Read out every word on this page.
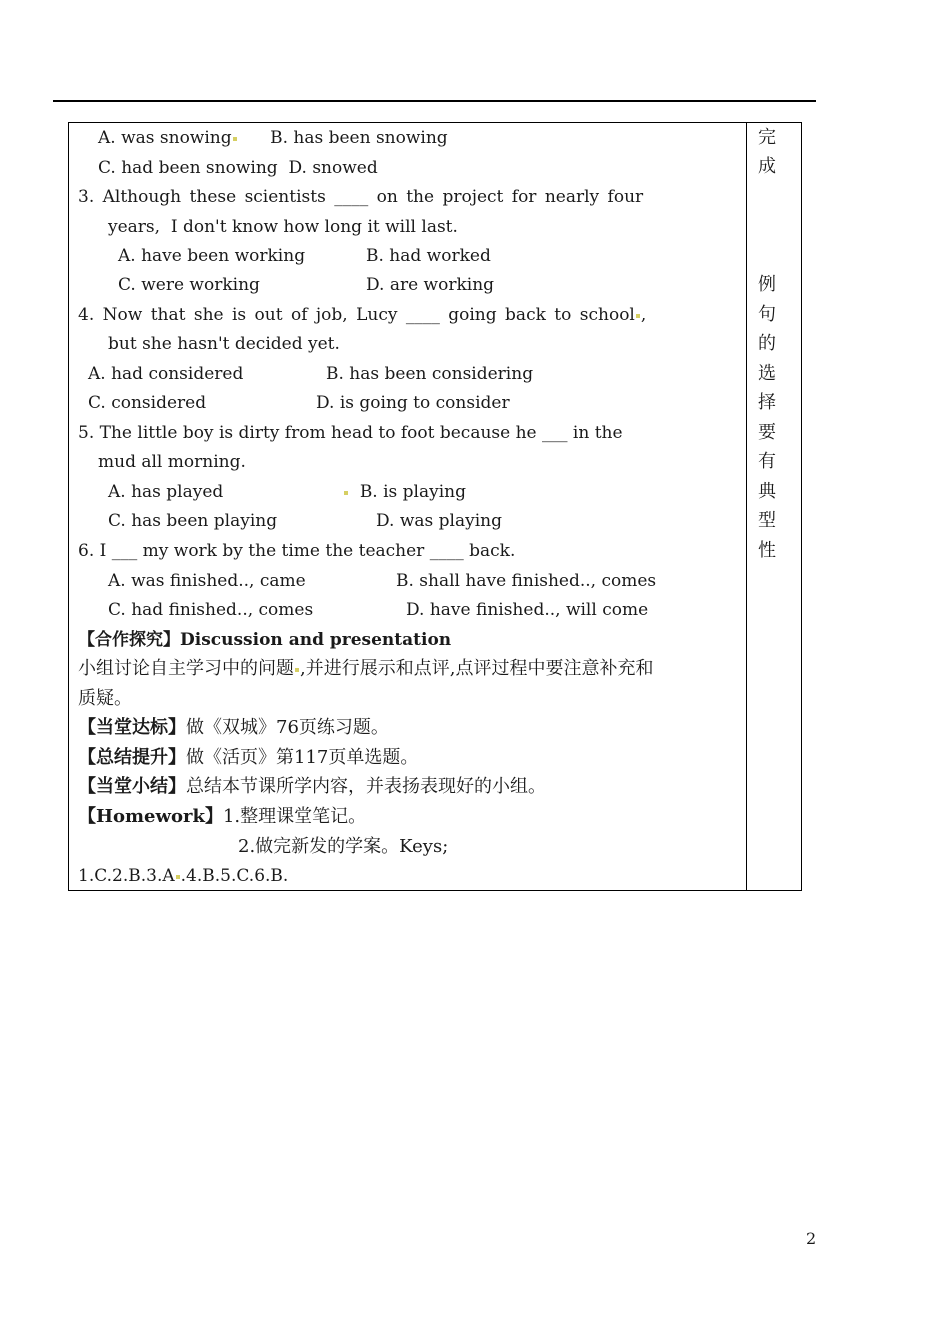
A. was snowing B. has been snowing
C. had been snowing D. snowed
3. Although these scientists ____ on the project for nearly four
years,  I don't know how long it will last.
A. have been working	B. had worked
C. were working	D. are working
4. Now that she is out of job, Lucy ____ going back to school ,
but she hasn't decided yet.
A. had considered	B. has been considering
C. considered	D. is going to consider
5. The little boy is dirty from head to foot because he ___ in the
mud all morning.
A. has played	B. is playing
C. has been playing	D. was playing
6. I ___ my work by the time the teacher ____ back.
A. was finished.., came	B. shall have finished.., comes
C. had finished.., comes	D. have finished.., will come
【合作探究】Discussion and presentation
小组讨论自主学习中的问题 ,并进行展示和点评,点评过程中要注意补充和
质疑。
【当堂达标】做《双城》76页练习题。
【总结提升】做《活页》第117页单选题。
【当堂小结】总结本节课所学内容，并表扬表现好的小组。
【Homework】1.整理课堂笔记。
2.做完新发的学案。Keys;
1.C.2.B.3.A .4.B.5.C.6.B.
完
成
例
句
的
选
择
要
有
典
型
性
2
